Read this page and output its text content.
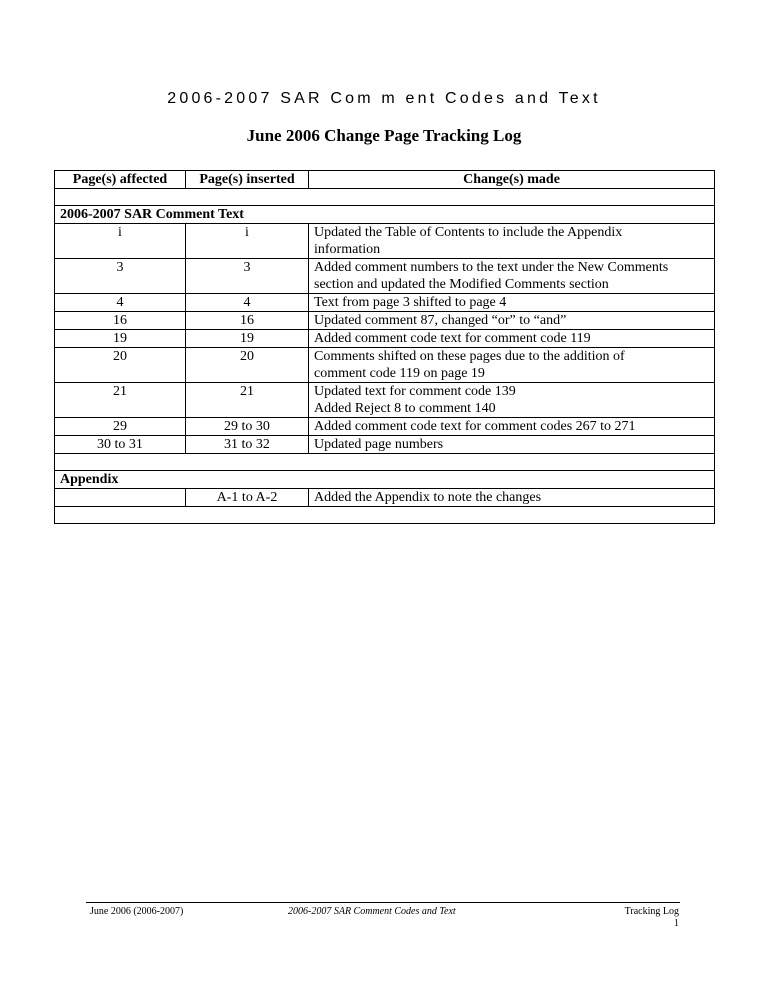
2006-2007 SAR Com m ent Codes and Text
June 2006 Change Page Tracking Log
Page(s) affected	Page(s) inserted	Change(s) made

2006-2007 SAR Comment Text		
i	i	Updated the Table of Contents to include the Appendix
information

3	3	Added comment numbers to the text under the New Comments
section and updated the Modified Comments section

4	4	Text from page 3 shifted to page 4

16	16	Updated comment 87, changed “or” to “and”

19	19	Added comment code text for comment code 119

20	20	Comments shifted on these pages due to the addition of
comment code 119 on page 19

21	21	Updated text for comment code 139
Added Reject 8 to comment 140

29	29 to 30	Added comment code text for comment codes 267 to 271

30 to 31	31 to 32	Updated page numbers

Appendix		
	A-1 to A-2	Added the Appendix to note the changes

June 2006 (2006-2007)	2006-2007 SAR Comment Codes and Text	Tracking Log
1
